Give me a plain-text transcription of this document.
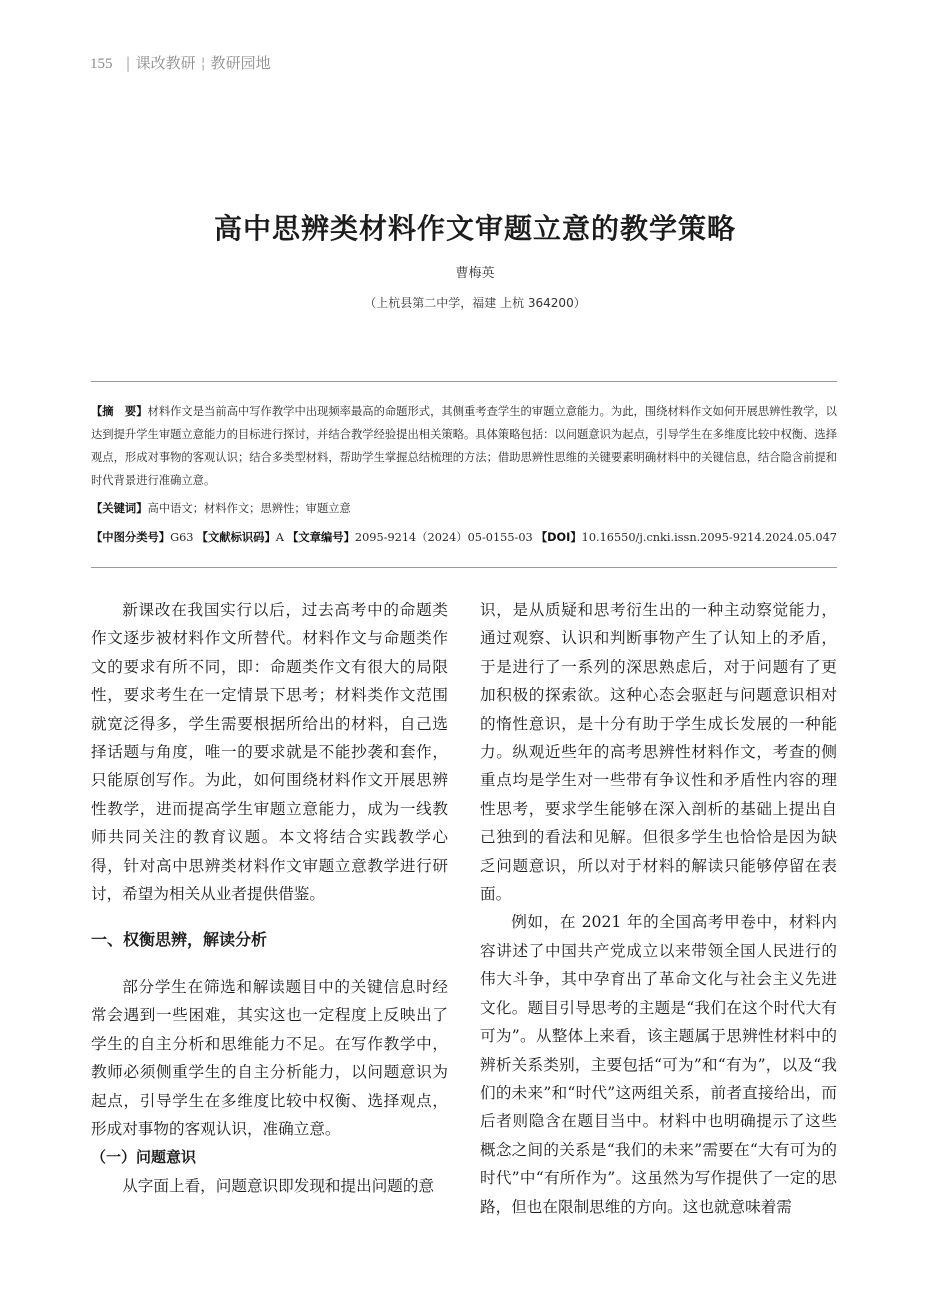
155 | 课改教研 ¦ 教研园地
高中思辨类材料作文审题立意的教学策略
曹梅英
（上杭县第二中学，福建 上杭 364200）
【摘　要】材料作文是当前高中写作教学中出现频率最高的命题形式，其侧重考查学生的审题立意能力。为此，围绕材料作文如何开展思辨性教学，以达到提升学生审题立意能力的目标进行探讨，并结合教学经验提出相关策略。具体策略包括：以问题意识为起点，引导学生在多维度比较中权衡、选择观点，形成对事物的客观认识；结合多类型材料，帮助学生掌握总结梳理的方法；借助思辨性思维的关键要素明确材料中的关键信息，结合隐含前提和时代背景进行准确立意。
【关键词】高中语文；材料作文；思辨性；审题立意
【中图分类号】G63 【文献标识码】A 【文章编号】2095-9214（2024）05-0155-03 【DOI】10.16550/j.cnki.issn.2095-9214.2024.05.047

新课改在我国实行以后，过去高考中的命题类作文逐步被材料作文所替代。材料作文与命题类作文的要求有所不同，即：命题类作文有很大的局限性，要求考生在一定情景下思考；材料类作文范围就宽泛得多，学生需要根据所给出的材料，自己选择话题与角度，唯一的要求就是不能抄袭和套作，只能原创写作。为此，如何围绕材料作文开展思辨性教学，进而提高学生审题立意能力，成为一线教师共同关注的教育议题。本文将结合实践教学心得，针对高中思辨类材料作文审题立意教学进行研讨，希望为相关从业者提供借鉴。

一、权衡思辨，解读分析

部分学生在筛选和解读题目中的关键信息时经常会遇到一些困难，其实这也一定程度上反映出了学生的自主分析和思维能力不足。在写作教学中，教师必须侧重学生的自主分析能力，以问题意识为起点，引导学生在多维度比较中权衡、选择观点，形成对事物的客观认识，准确立意。

（一）问题意识

从字面上看，问题意识即发现和提出问题的意

识，是从质疑和思考衍生出的一种主动察觉能力，通过观察、认识和判断事物产生了认知上的矛盾，于是进行了一系列的深思熟虑后，对于问题有了更加积极的探索欲。这种心态会驱赶与问题意识相对的惰性意识，是十分有助于学生成长发展的一种能力。纵观近些年的高考思辨性材料作文，考查的侧重点均是学生对一些带有争议性和矛盾性内容的理性思考，要求学生能够在深入剖析的基础上提出自己独到的看法和见解。但很多学生也恰恰是因为缺乏问题意识，所以对于材料的解读只能够停留在表面。

例如，在 2021 年的全国高考甲卷中，材料内容讲述了中国共产党成立以来带领全国人民进行的伟大斗争，其中孕育出了革命文化与社会主义先进文化。题目引导思考的主题是“我们在这个时代大有可为”。从整体上来看，该主题属于思辨性材料中的辨析关系类别，主要包括“可为”和“有为”，以及“我们的未来”和“时代”这两组关系，前者直接给出，而后者则隐含在题目当中。材料中也明确提示了这些概念之间的关系是“我们的未来”需要在“大有可为的时代”中“有所作为”。这虽然为写作提供了一定的思路，但也在限制思维的方向。这也就意味着需
